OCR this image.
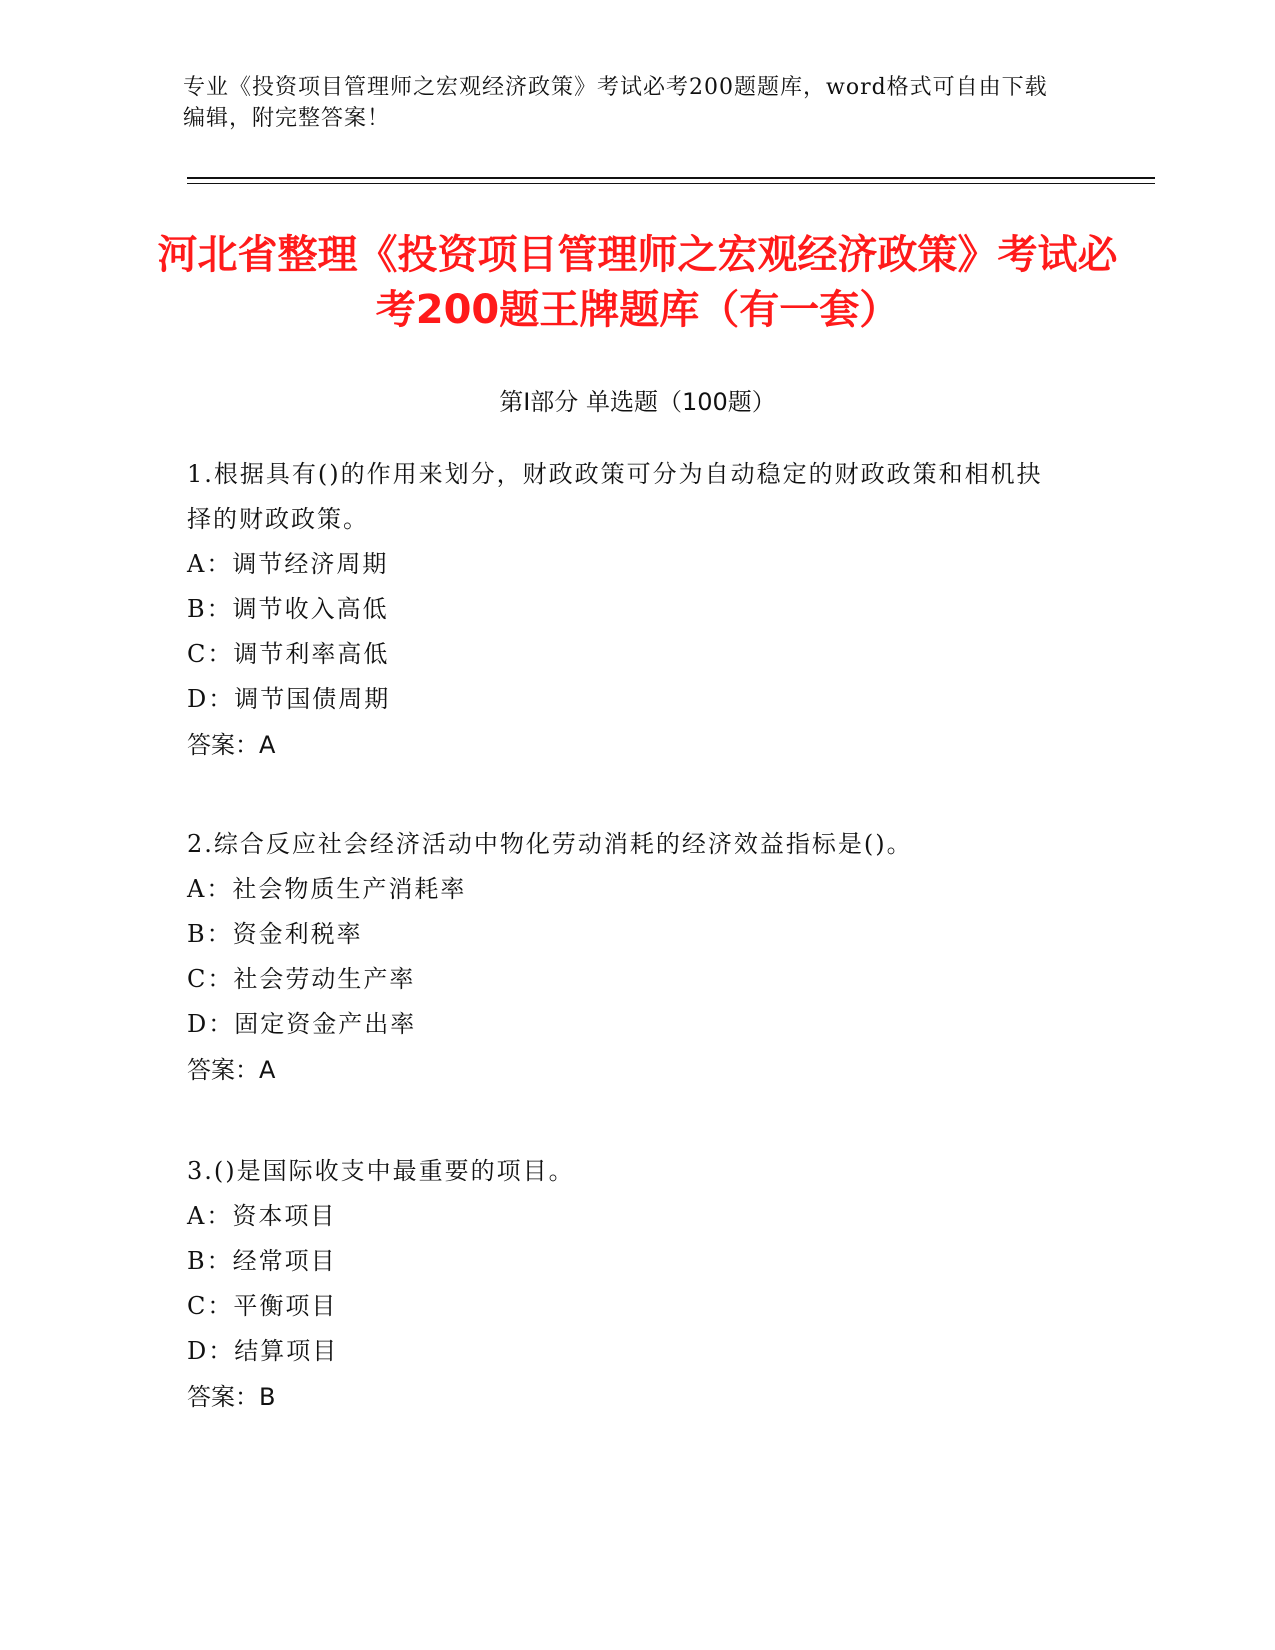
专业《投资项目管理师之宏观经济政策》考试必考200题题库，word格式可自由下载编辑，附完整答案！
河北省整理《投资项目管理师之宏观经济政策》考试必考200题王牌题库（有一套）
第Ⅰ部分 单选题（100题）
1.根据具有()的作用来划分，财政政策可分为自动稳定的财政政策和相机抉择的财政政策。
A：调节经济周期
B：调节收入高低
C：调节利率高低
D：调节国债周期
答案：A
2.综合反应社会经济活动中物化劳动消耗的经济效益指标是()。
A：社会物质生产消耗率
B：资金利税率
C：社会劳动生产率
D：固定资金产出率
答案：A
3.()是国际收支中最重要的项目。
A：资本项目
B：经常项目
C：平衡项目
D：结算项目
答案：B
